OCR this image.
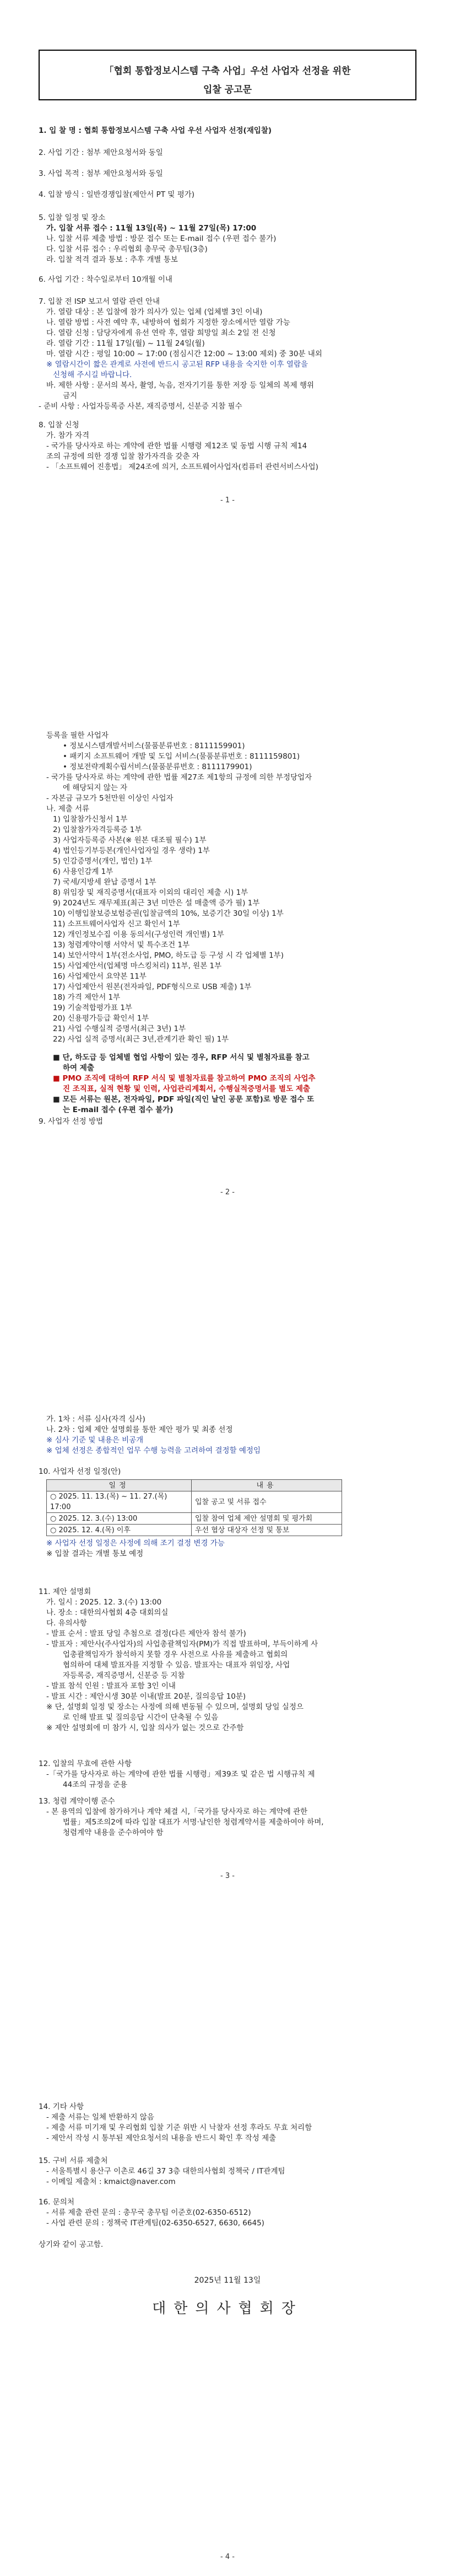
「협회 통합정보시스템 구축 사업」우선 사업자 선정을 위한
입찰 공고문

1. 입 찰 명 : 협회 통합정보시스템 구축 사업 우선 사업자 선정(재입찰)

2. 사업 기간 : 첨부 제안요청서와 동일

3. 사업 목적 : 첨부 제안요청서와 동일

4. 입찰 방식 : 일반경쟁입찰(제안서 PT 및 평가)

5. 입찰 일정 및 장소

가. 입찰 서류 접수 : 11월 13일(목) ~ 11월 27일(목) 17:00

나. 입찰 서류 제출 방법 : 방문 접수 또는 E-mail 접수 (우편 접수 불가)

다. 입찰 서류 접수 : 우리협회 총무국 총무팀(3층)

라. 입찰 적격 결과 통보 : 추후 개별 통보

6. 사업 기간 : 착수일로부터 10개월 이내

7. 입찰 전 ISP 보고서 열람 관련 안내

가. 열람 대상 : 본 입찰에 참가 의사가 있는 업체 (업체별 3인 이내)

나. 열람 방법 : 사전 예약 후, 내방하여 협회가 지정한 장소에서만 열람 가능

다. 열람 신청 : 담당자에게 유선 연락 후, 열람 희망일 최소 2일 전 신청

라. 열람 기간 : 11월 17일(월) ~ 11월 24일(월)

마. 열람 시간 : 평일 10:00 ~ 17:00 (점심시간 12:00 ~ 13:00 제외) 중 30분 내외

※ 열람시간이 짧은 관계로 사전에 반드시 공고된 RFP 내용을 숙지한 이후 열람을

신청해 주시길 바랍니다.

바. 제한 사항 : 문서의 복사, 촬영, 녹음, 전자기기를 통한 저장 등 일체의 복제 행위

금지

- 준비 사항 : 사업자등록증 사본, 재직증명서, 신분증 지참 필수

8. 입찰 신청

가. 참가 자격

- 국가를 당사자로 하는 계약에 관한 법률 시행령 제12조 및 동법 시행 규칙 제14

조의 규정에 의한 경쟁 입찰 참가자격을 갖춘 자

- 「소프트웨어 진흥법」 제24조에 의거, 소프트웨어사업자(컴퓨터 관련서비스사업)

- 1 -

등록을 필한 사업자

• 정보시스템개발서비스(물품분류번호 : 8111159901)

• 패키지 소프트웨어 개발 및 도입 서비스(물품분류번호 : 8111159801)

• 정보전략계획수립서비스(물품분류번호 : 8111179901)

- 국가를 당사자로 하는 계약에 관한 법률 제27조 제1항의 규정에 의한 부정당업자

에 해당되지 않는 자

- 자본금 규모가 5천만원 이상인 사업자

나. 제출 서류

1) 입찰참가신청서 1부

2) 입찰참가자격등록증 1부

3) 사업자등록증 사본(※ 원본 대조필 필수) 1부

4) 법인등기부등본(개인사업자일 경우 생략) 1부

5) 인감증명서(개인, 법인) 1부

6) 사용인감계 1부

7) 국세/지방세 완납 증명서 1부

8) 위임장 및 재직증명서(대표자 이외의 대리인 제출 시) 1부

9) 2024년도 재무제표(최근 3년 미만은 설 매출액 증가 필) 1부

10) 이행입찰보증보험증권(입찰금액의 10%, 보증기간 30일 이상) 1부

11) 소프트웨어사업자 신고 확인서 1부

12) 개인정보수집 이용 동의서(구성인력 개인별) 1부

13) 청렴계약이행 서약서 및 특수조건 1부

14) 보안서약서 1부(전소사업, PMO, 하도급 등 구성 시 각 업체별 1부)

15) 사업제안서(업체명 마스킹처리) 11부, 원본 1부

16) 사업제안서 요약본 11부

17) 사업제안서 원본(전자파일, PDF형식으로 USB 제출) 1부

18) 가격 제안서 1부

19) 기술적합평가표 1부

20) 신용평가등급 확인서 1부

21) 사업 수행실적 증명서(최근 3년) 1부

22) 사업 실적 증명서(최근 3년,관계기관 확인 필) 1부

■ 단, 하도급 등 업체별 협업 사항이 있는 경우, RFP 서식 및 별첨자료를 참고

하여 제출

■ PMO 조직에 대하여 RFP 서식 및 별첨자료를 참고하여 PMO 조직의 사업추

진 조직표, 실적 현황 및 인력, 사업관리계획서, 수행실적증명서를 별도 제출

■ 모든 서류는 원본, 전자파일, PDF 파일(직인 날인 공문 포함)로 방문 접수 또

는 E-mail 접수 (우편 접수 불가)

9. 사업자 선정 방법

- 2 -

가. 1차 : 서류 심사(자격 심사)

나. 2차 : 업체 제안 설명회를 통한 제안 평가 및 최종 선정

※ 심사 기준 및 내용은 비공개

※ 업체 선정은 종합적인 업무 수행 능력을 고려하여 결정할 예정임

10. 사업자 선정 일정(안)

일정	내용
○ 2025. 11. 13.(목) ~ 11. 27.(목) 17:00	입찰 공고 및 서류 접수
○ 2025. 12. 3.(수) 13:00	입찰 참여 업체 제안 설명회 및 평가회
○ 2025. 12. 4.(목) 이후	우선 협상 대상자 선정 및 통보

※ 사업자 선정 일정은 사정에 의해 조기 결정 변경 가능

※ 입찰 결과는 개별 통보 예정

11. 제안 설명회

가. 일시 : 2025. 12. 3.(수) 13:00

나. 장소 : 대한의사협회 4층 대회의실

다. 유의사항

- 발표 순서 : 발표 당일 추첨으로 결정(다른 제안자 참석 불가)

- 발표자 : 제안사(주사업자)의 사업총괄책임자(PM)가 직접 발표하며, 부득이하게 사

업총괄책임자가 참석하지 못할 경우 사전으로 사유를 제출하고 협회의

협의하여 대체 발표자를 지정할 수 있음. 발표자는 대표자 위임장, 사업

자등록증, 재직증명서, 신분증 등 지참

- 발표 참석 인원 : 발표자 포함 3인 이내

- 발표 시간 : 제안시생 30분 이내(발표 20분, 질의응답 10분)

※ 단, 설명회 일정 및 장소는 사정에 의해 변동될 수 있으며, 설명회 당일 실정으

로 인해 발표 및 질의응답 시간이 단축될 수 있음

※ 제안 설명회에 미 참가 시, 입찰 의사가 없는 것으로 간주함

12. 입찰의 무효에 관한 사항

-「국가를 당사자로 하는 계약에 관한 법률 시행령」제39조 및 같은 법 시행규칙 제

44조의 규정을 준용

13. 청렴 계약이행 준수

- 본 용역의 입찰에 참가하거나 계약 체결 시,「국가를 당사자로 하는 계약에 관한

법률」제5조의2에 따라 입찰 대표가 서명·날인한 청렴계약서를 제출하여야 하며,

청렴계약 내용을 준수하여야 함

- 3 -

14. 기타 사항

- 제출 서류는 일체 반환하지 않음

- 제출 서류 미기재 및 우리협회 입찰 기준 위반 시 낙찰자 선정 후라도 무효 처리함

- 제안서 작성 시 통부된 제안요청서의 내용을 반드시 확인 후 작성 제출

15. 구비 서류 제출처

- 서울특별시 용산구 이촌로 46길 37 3층 대한의사협회 정책국 / IT관계팀

- 이메일 제출처 : kmaict@naver.com

16. 문의처

- 서류 제출 관련 문의 : 총무국 총무팀 이준호(02-6350-6512)

- 사업 관련 문의 : 정책국 IT관계팀(02-6350-6527, 6630, 6645)

상기와 같이 공고함.

2025년 11월 13일
대한의사협회장
- 4 -
